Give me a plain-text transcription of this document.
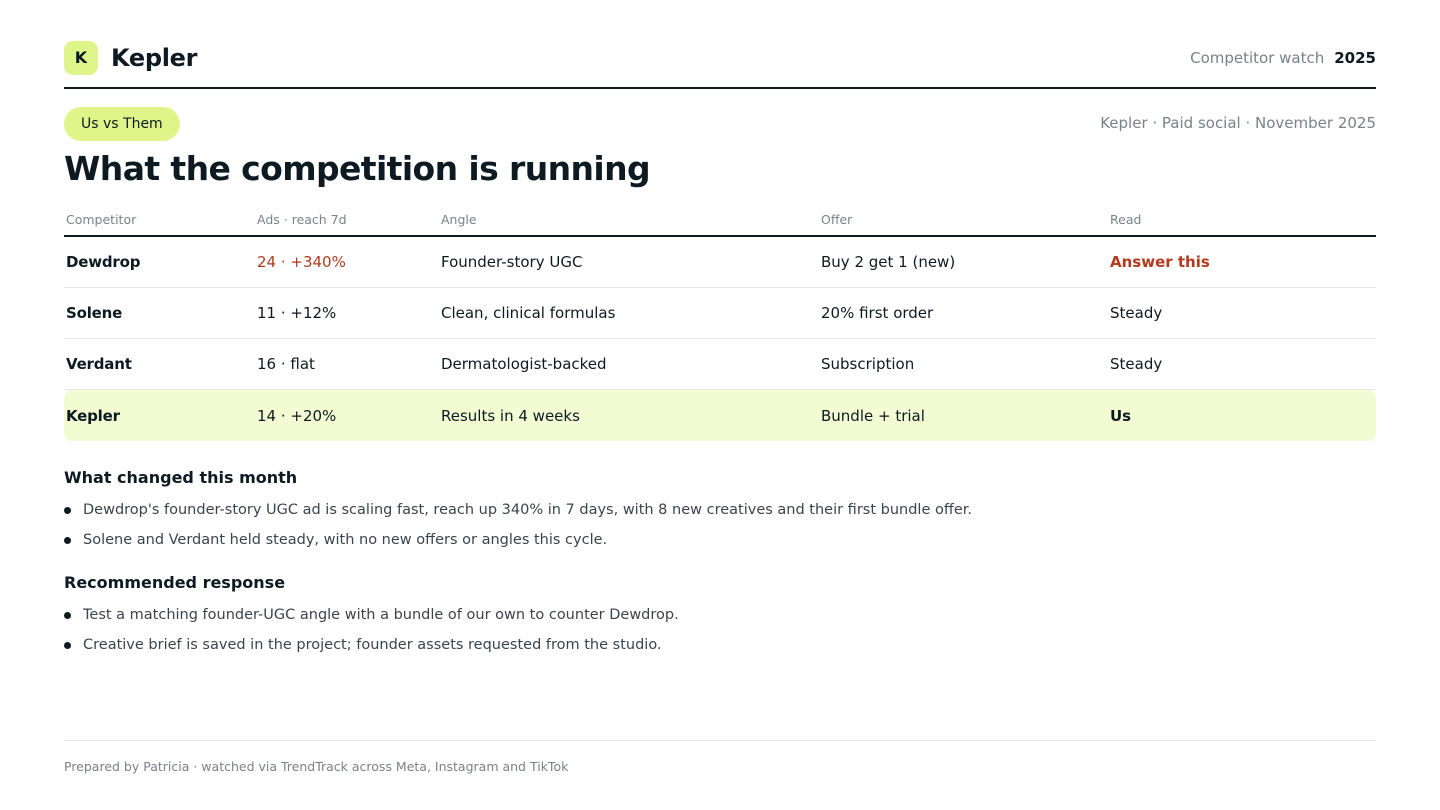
K Kepler	Competitor watch 2025
Us vs Them	Kepler · Paid social · November 2025
What the competition is running
Competitor	Ads · reach 7d	Angle	Offer	Read
Dewdrop	24 · +340%	Founder-story UGC	Buy 2 get 1 (new)	Answer this
Solene	11 · +12%	Clean, clinical formulas	20% first order	Steady
Verdant	16 · flat	Dermatologist-backed	Subscription	Steady
Kepler	14 · +20%	Results in 4 weeks	Bundle + trial	Us
What changed this month
Dewdrop's founder-story UGC ad is scaling fast, reach up 340% in 7 days, with 8 new creatives and their first bundle offer.
Solene and Verdant held steady, with no new offers or angles this cycle.
Recommended response
Test a matching founder-UGC angle with a bundle of our own to counter Dewdrop.
Creative brief is saved in the project; founder assets requested from the studio.
Prepared by Patricia · watched via TrendTrack across Meta, Instagram and TikTok
